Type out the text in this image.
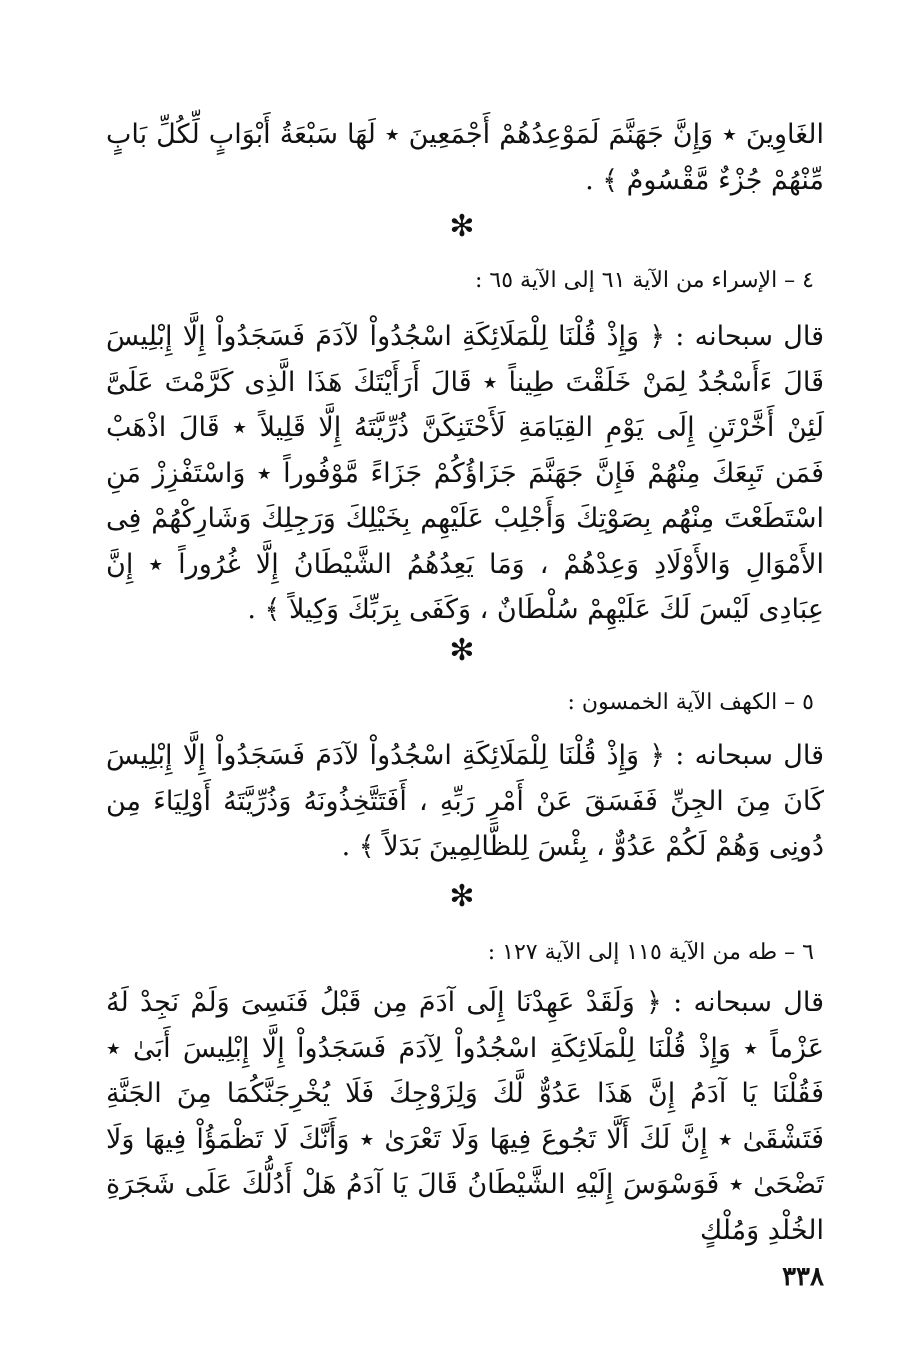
الغَاوِينَ ٭ وَإِنَّ جَهَنَّمَ لَمَوْعِدُهُمْ أَجْمَعِينَ ٭ لَهَا سَبْعَةُ أَبْوَابٍ لِّكُلِّ بَابٍ مِّنْهُمْ جُزْءٌ مَّقْسُومٌ ﴾ .

✻

٤ – الإسراء من الآية ٦١ إلى الآية ٦٥ :

قال سبحانه : ﴿ وَإِذْ قُلْنَا لِلْمَلَائِكَةِ اسْجُدُواْ لآدَمَ فَسَجَدُواْ إِلَّا إِبْلِيسَ قَالَ ءَأَسْجُدُ لِمَنْ خَلَقْتَ طِيناً ٭ قَالَ أَرَأَيْتَكَ هَذَا الَّذِى كَرَّمْتَ عَلَىَّ لَئِنْ أَخَّرْتَنِ إِلَى يَوْمِ القِيَامَةِ لَأَحْتَنِكَنَّ ذُرِّيَّتَهُ إِلَّا قَلِيلاً ٭ قَالَ اذْهَبْ فَمَن تَبِعَكَ مِنْهُمْ فَإِنَّ جَهَنَّمَ جَزَاؤُكُمْ جَزَاءً مَّوْفُوراً ٭ وَاسْتَفْزِزْ مَنِ اسْتَطَعْتَ مِنْهُم بِصَوْتِكَ وَأَجْلِبْ عَلَيْهِم بِخَيْلِكَ وَرَجِلِكَ وَشَارِكْهُمْ فِى الأَمْوَالِ وَالأَوْلَادِ وَعِدْهُمْ ، وَمَا يَعِدُهُمُ الشَّيْطَانُ إِلَّا غُرُوراً ٭ إِنَّ عِبَادِى لَيْسَ لَكَ عَلَيْهِمْ سُلْطَانٌ ، وَكَفَى بِرَبِّكَ وَكِيلاً ﴾ .

✻

٥ – الكهف الآية الخمسون :

قال سبحانه : ﴿ وَإِذْ قُلْنَا لِلْمَلَائِكَةِ اسْجُدُواْ لآدَمَ فَسَجَدُواْ إِلَّا إِبْلِيسَ كَانَ مِنَ الجِنِّ فَفَسَقَ عَنْ أَمْرِ رَبِّهِ ، أَفَتَتَّخِذُونَهُ وَذُرِّيَّتَهُ أَوْلِيَاءَ مِن دُونِى وَهُمْ لَكُمْ عَدُوٌّ ، بِئْسَ لِلظَّالِمِينَ بَدَلاً ﴾ .

✻

٦ – طه من الآية ١١٥ إلى الآية ١٢٧ :

قال سبحانه : ﴿ وَلَقَدْ عَهِدْنَا إِلَى آدَمَ مِن قَبْلُ فَنَسِىَ وَلَمْ نَجِدْ لَهُ عَزْماً ٭ وَإِذْ قُلْنَا لِلْمَلَائِكَةِ اسْجُدُواْ لِآدَمَ فَسَجَدُواْ إِلَّا إِبْلِيسَ أَبَىٰ ٭ فَقُلْنَا يَا آدَمُ إِنَّ هَذَا عَدُوٌّ لَّكَ وَلِزَوْجِكَ فَلَا يُخْرِجَنَّكُمَا مِنَ الجَنَّةِ فَتَشْقَىٰ ٭ إِنَّ لَكَ أَلَّا تَجُوعَ فِيهَا وَلَا تَعْرَىٰ ٭ وَأَنَّكَ لَا تَظْمَؤُاْ فِيهَا وَلَا تَضْحَىٰ ٭ فَوَسْوَسَ إِلَيْهِ الشَّيْطَانُ قَالَ يَا آدَمُ هَلْ أَدُلُّكَ عَلَى شَجَرَةِ الخُلْدِ وَمُلْكٍ

٣٣٨
